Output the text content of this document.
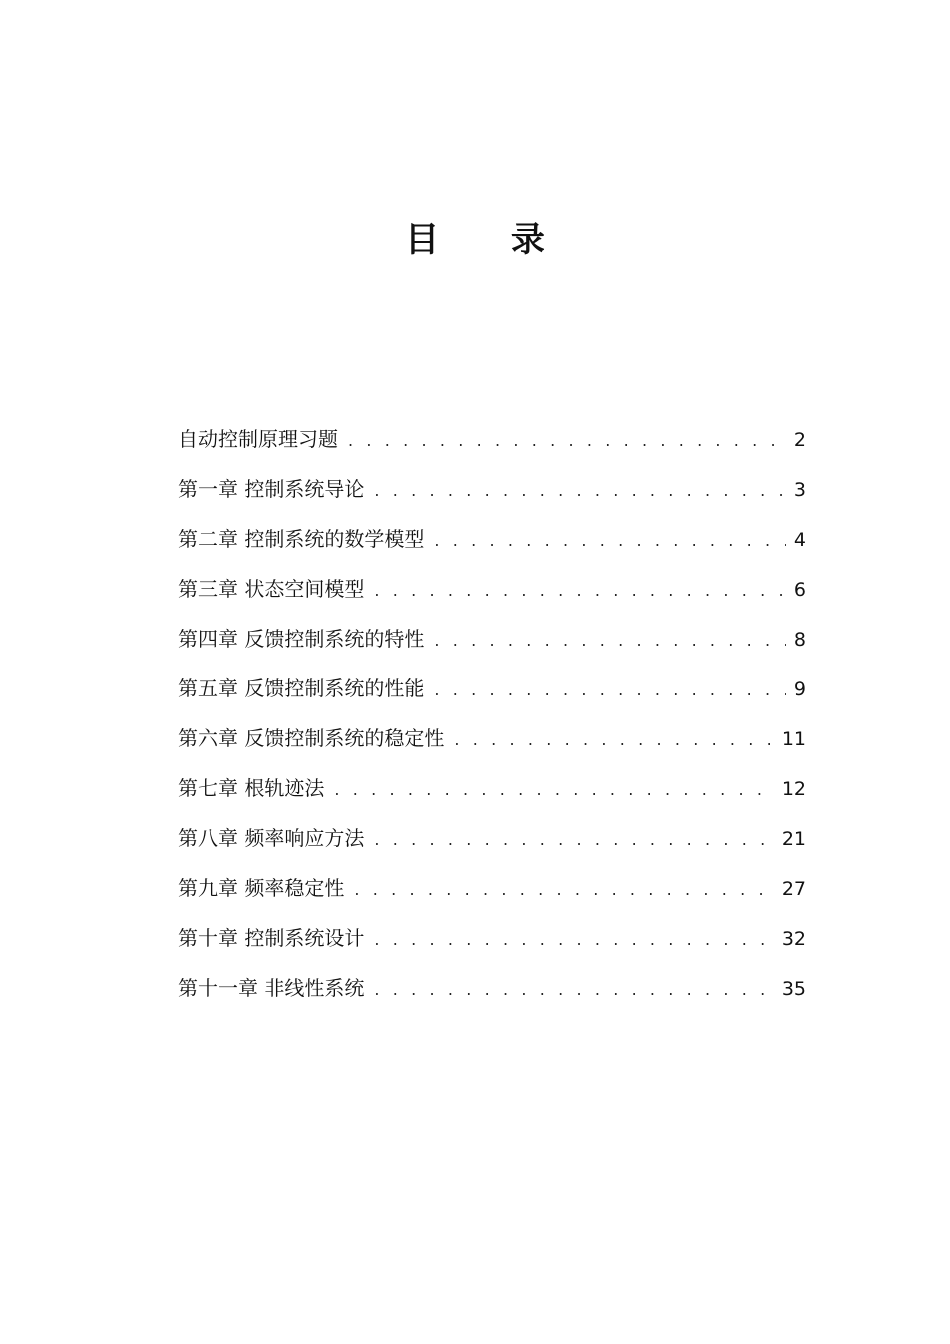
目 录
自动控制原理习题 . . .	2
第一章 控制系统导论 . . .	3
第二章 控制系统的数学模型 . . .	4
第三章 状态空间模型 . . .	6
第四章 反馈控制系统的特性 . . .	8
第五章 反馈控制系统的性能 . . .	9
第六章 反馈控制系统的稳定性 . . .	11
第七章 根轨迹法 . . .	12
第八章 频率响应方法 . . .	21
第九章 频率稳定性 . . .	27
第十章 控制系统设计 . . .	32
第十一章 非线性系统 . . .	35
